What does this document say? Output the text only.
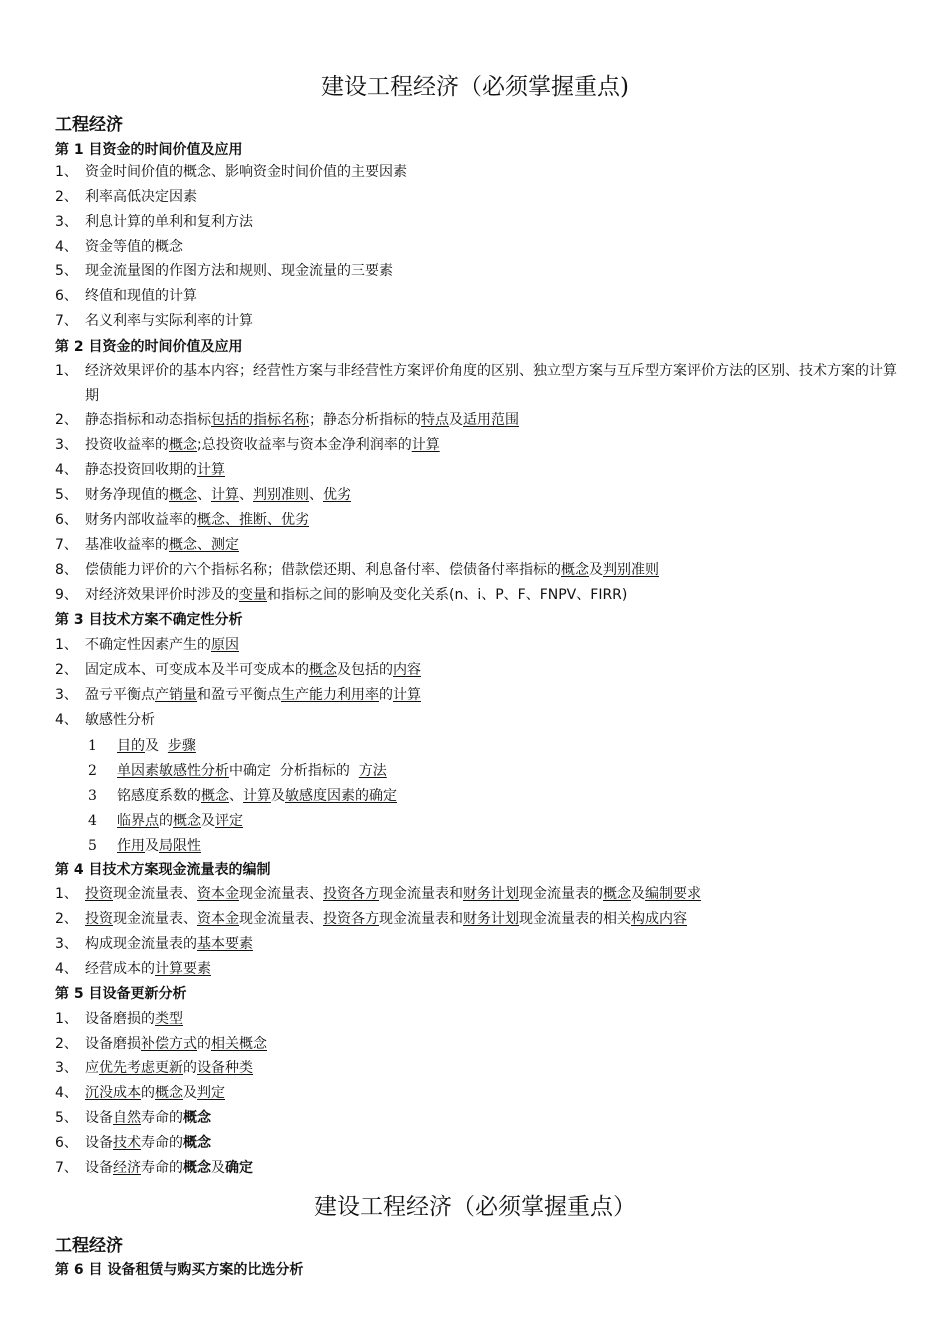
建设工程经济（必须掌握重点)
工程经济
第 1 目资金的时间价值及应用
1、 资金时间价值的概念、影响资金时间价值的主要因素
2、 利率高低决定因素
3、 利息计算的单利和复利方法
4、 资金等值的概念
5、 现金流量图的作图方法和规则、现金流量的三要素
6、 终值和现值的计算
7、 名义利率与实际利率的计算
第 2 目资金的时间价值及应用
1、 经济效果评价的基本内容；经营性方案与非经营性方案评价角度的区别、独立型方案与互斥型方案评价方法的区别、技术方案的计算期
2、 静态指标和动态指标包括的指标名称；静态分析指标的特点及适用范围
3、 投资收益率的概念;总投资收益率与资本金净利润率的计算
4、 静态投资回收期的计算
5、 财务净现值的概念、计算、判别准则、优劣
6、 财务内部收益率的概念、推断、优劣
7、 基准收益率的概念、测定
8、 偿债能力评价的六个指标名称；借款偿还期、利息备付率、偿债备付率指标的概念及判别准则
9、 对经济效果评价时涉及的变量和指标之间的影响及变化关系(n、i、P、F、FNPV、FIRR)
第 3 目技术方案不确定性分析
1、 不确定性因素产生的原因
2、 固定成本、可变成本及半可变成本的概念及包括的内容
3、 盈亏平衡点产销量和盈亏平衡点生产能力利用率的计算
4、 敏感性分析
1 目的及  步骤
2 单因素敏感性分析中确定  分析指标的  方法
3 铭感度系数的概念、计算及敏感度因素的确定
4 临界点的概念及评定
5 作用及局限性
第 4 目技术方案现金流量表的编制
1、 投资现金流量表、资本金现金流量表、投资各方现金流量表和财务计划现金流量表的概念及编制要求
2、 投资现金流量表、资本金现金流量表、投资各方现金流量表和财务计划现金流量表的相关构成内容
3、 构成现金流量表的基本要素
4、 经营成本的计算要素
第 5 目设备更新分析
1、 设备磨损的类型
2、 设备磨损补偿方式的相关概念
3、 应优先考虑更新的设备种类
4、 沉没成本的概念及判定
5、 设备自然寿命的概念
6、 设备技术寿命的概念
7、 设备经济寿命的概念及确定
建设工程经济（必须掌握重点）
工程经济
第 6 目 设备租赁与购买方案的比选分析
